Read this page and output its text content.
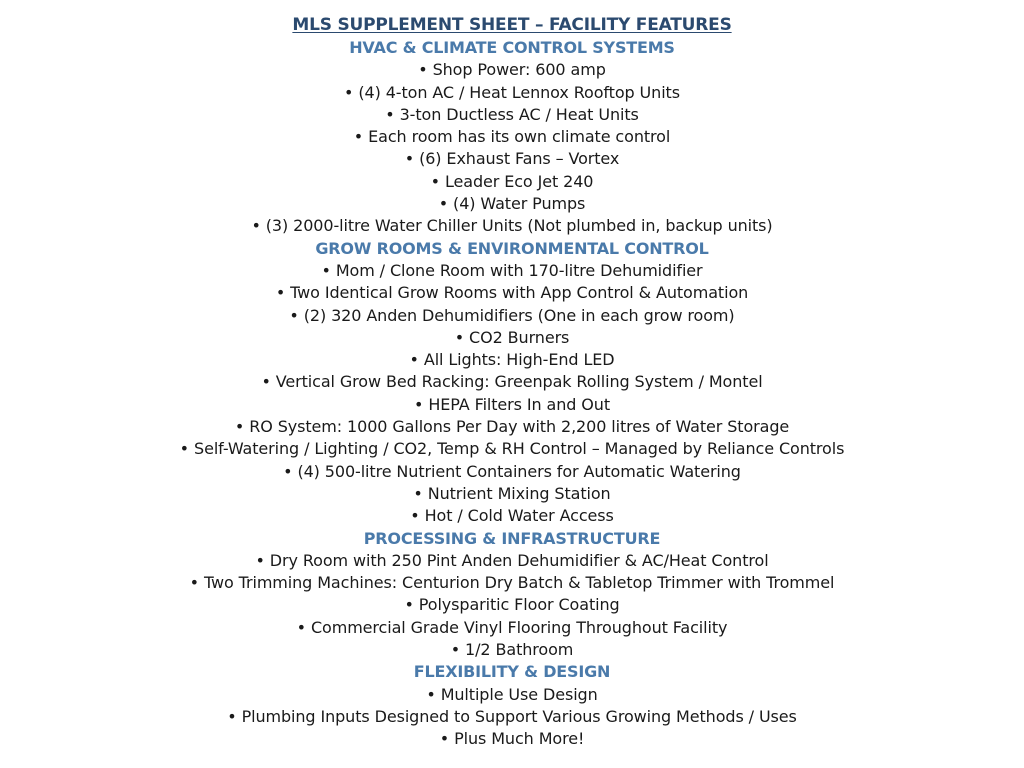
MLS SUPPLEMENT SHEET – FACILITY FEATURES
HVAC & CLIMATE CONTROL SYSTEMS
• Shop Power: 600 amp
• (4) 4-ton AC / Heat Lennox Rooftop Units
• 3-ton Ductless AC / Heat Units
• Each room has its own climate control
• (6) Exhaust Fans – Vortex
• Leader Eco Jet 240
• (4) Water Pumps
• (3) 2000-litre Water Chiller Units (Not plumbed in, backup units)
GROW ROOMS & ENVIRONMENTAL CONTROL
• Mom / Clone Room with 170-litre Dehumidifier
• Two Identical Grow Rooms with App Control & Automation
• (2) 320 Anden Dehumidifiers (One in each grow room)
• CO2 Burners
• All Lights: High-End LED
• Vertical Grow Bed Racking: Greenpak Rolling System / Montel
• HEPA Filters In and Out
• RO System: 1000 Gallons Per Day with 2,200 litres of Water Storage
• Self-Watering / Lighting / CO2, Temp & RH Control – Managed by Reliance Controls
• (4) 500-litre Nutrient Containers for Automatic Watering
• Nutrient Mixing Station
• Hot / Cold Water Access
PROCESSING & INFRASTRUCTURE
• Dry Room with 250 Pint Anden Dehumidifier & AC/Heat Control
• Two Trimming Machines: Centurion Dry Batch & Tabletop Trimmer with Trommel
• Polysparitic Floor Coating
• Commercial Grade Vinyl Flooring Throughout Facility
• 1/2 Bathroom
FLEXIBILITY & DESIGN
• Multiple Use Design
• Plumbing Inputs Designed to Support Various Growing Methods / Uses
• Plus Much More!
